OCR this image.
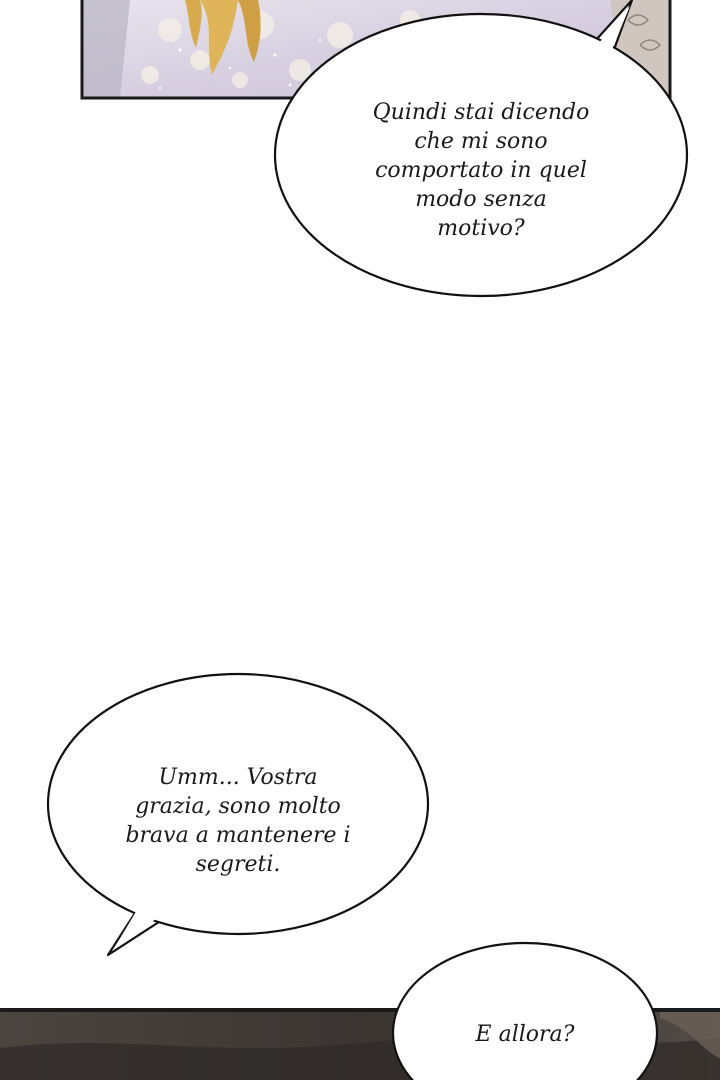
Quindi stai dicendo
che mi sono
comportato in quel
modo senza
motivo?
Umm... Vostra
grazia, sono molto
brava a mantenere i
segreti.
E allora?
